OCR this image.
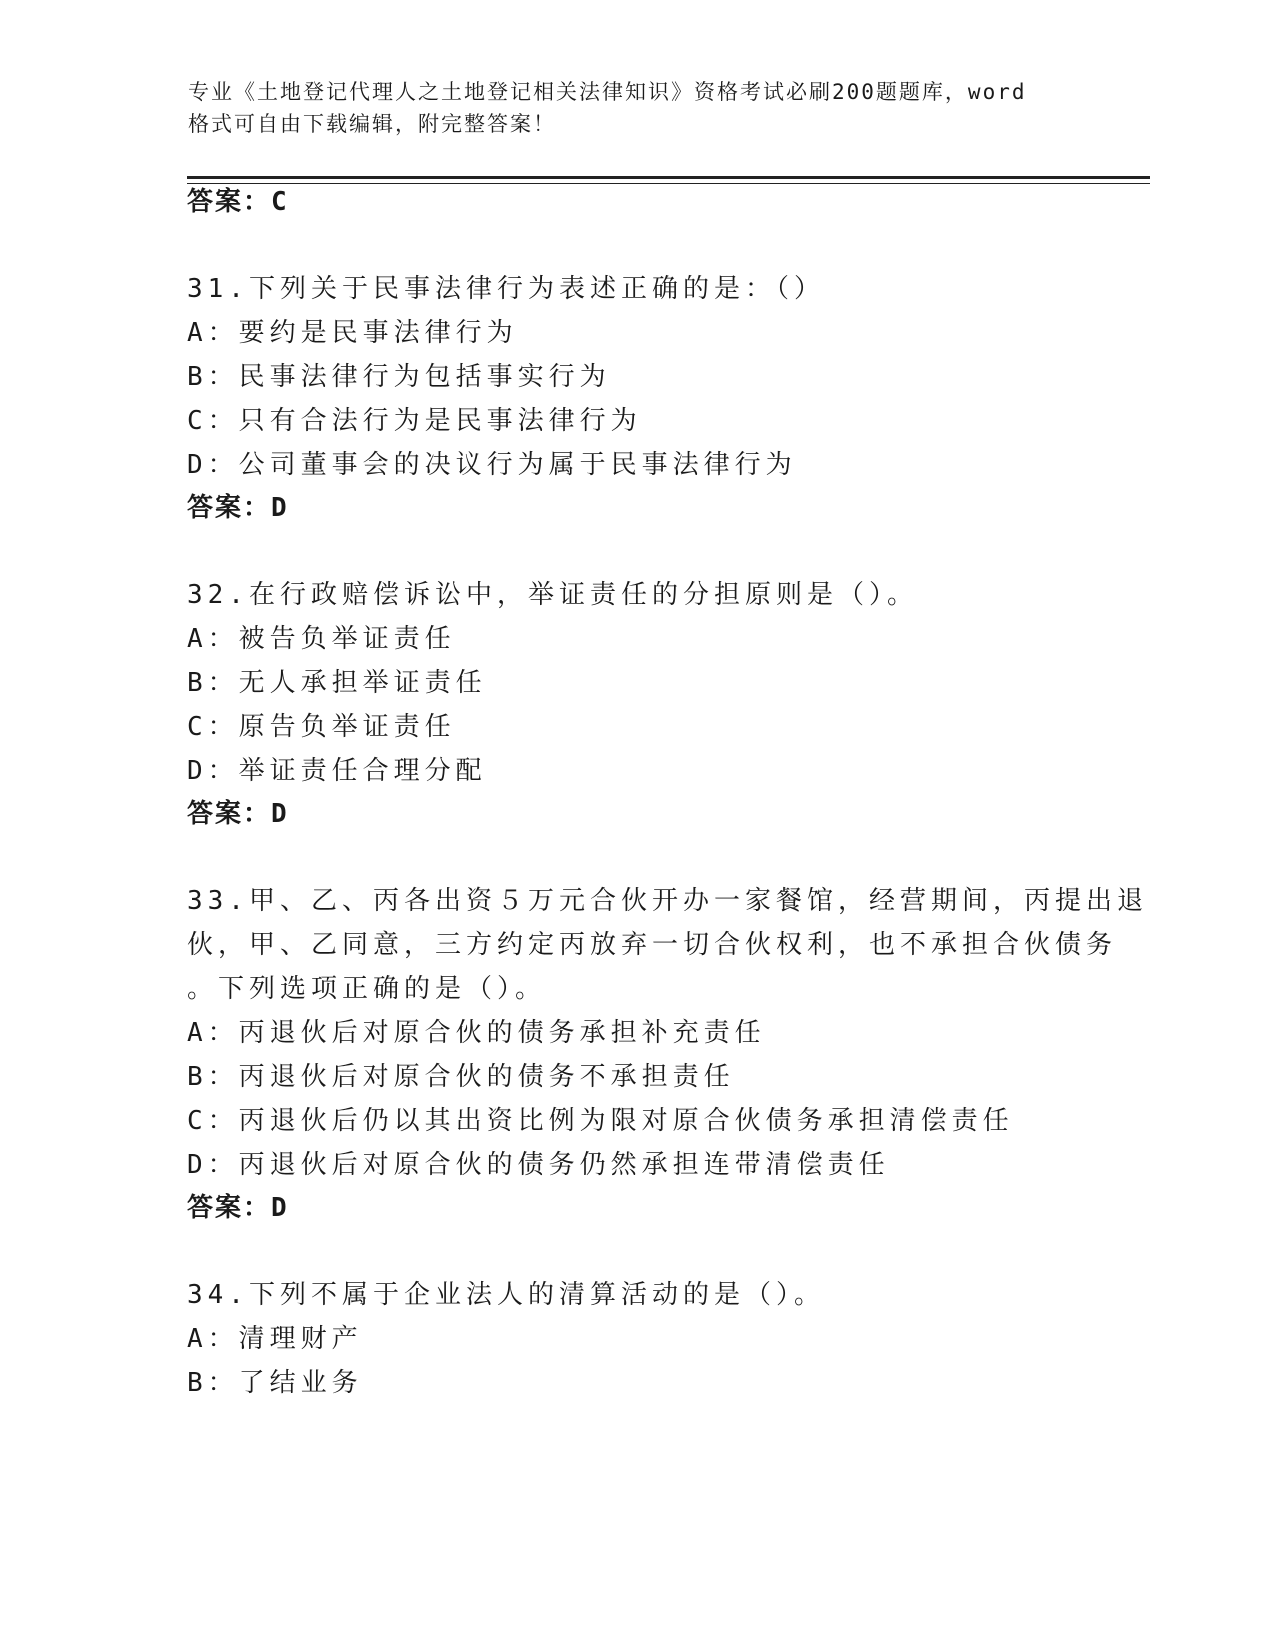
专业《土地登记代理人之土地登记相关法律知识》资格考试必刷200题题库，word
格式可自由下载编辑，附完整答案！
答案：C
31.下列关于民事法律行为表述正确的是：（）
A：要约是民事法律行为
B：民事法律行为包括事实行为
C：只有合法行为是民事法律行为
D：公司董事会的决议行为属于民事法律行为
答案：D
32.在行政赔偿诉讼中，举证责任的分担原则是（）。
A：被告负举证责任
B：无人承担举证责任
C：原告负举证责任
D：举证责任合理分配
答案：D
33.甲、乙、丙各出资５万元合伙开办一家餐馆，经营期间，丙提出退
伙，甲、乙同意，三方约定丙放弃一切合伙权利，也不承担合伙债务
。下列选项正确的是（）。
A：丙退伙后对原合伙的债务承担补充责任
B：丙退伙后对原合伙的债务不承担责任
C：丙退伙后仍以其出资比例为限对原合伙债务承担清偿责任
D：丙退伙后对原合伙的债务仍然承担连带清偿责任
答案：D
34.下列不属于企业法人的清算活动的是（）。
A：清理财产
B：了结业务
